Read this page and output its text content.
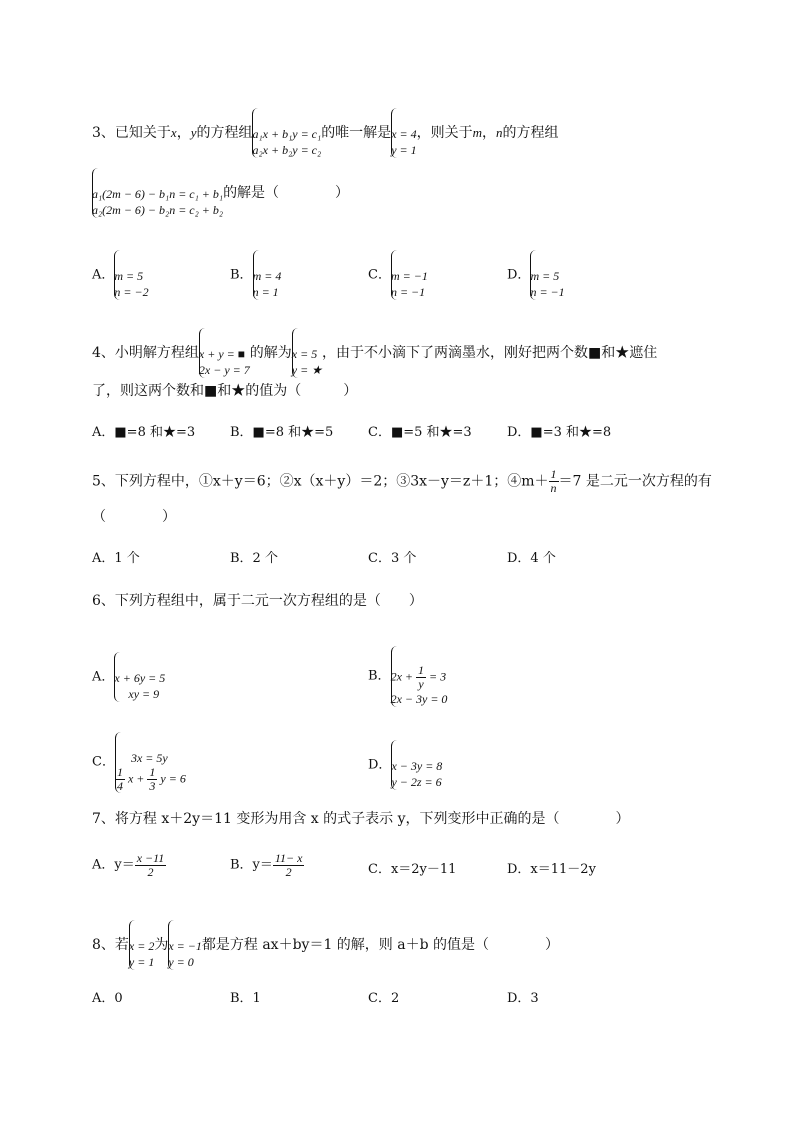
3、已知关于x，y的方程组 a₁x + b₁y = c₁
a₂x + b₂y = c₂
的唯一解是 x = 4
y = 1
，则关于m，n的方程组
a₁(2m − 6) − b₁n = c₁ + b₁
a₂(2m − 6) − b₂n = c₂ + b₂
的解是（　　　　）
A． m = 5
n = −2
B． m = 4
n = 1
C． m = −1
n = −1
D． m = 5
n = −1
4、小明解方程组 x + y = ■
2x − y = 7
的解为 x = 5
y = ★
，由于不小滴下了两滴墨水，刚好把两个数■和★遮住
了，则这两个数和■和★的值为（　　　）
A．■=8 和★=3	B．■=8 和★=5	C．■=5 和★=3	D．■=3 和★=8
5、下列方程中，①x＋y＝6；②x（x＋y）＝2；③3x－y＝z＋1；④m＋ $\frac{1}{n} =7$ 是二元一次方程的有
（　　　　）
A．1 个	B．2 个	C．3 个	D．4 个
6、下列方程组中，属于二元一次方程组的是（　　）
A． x + 6y = 5
xy = 9
B． $2x + \frac{1}{y} = 3$
2x − 3y = 0
C．	3x = 5y
$\frac{1}{4}$ $x + \frac{1}{3}$ y = 6
D． x − 3y = 8
y − 2z = 6
7、将方程 x＋2y＝11 变形为用含 x 的式子表示 y，下列变形中正确的是（　　　　）
A．$y= \frac{x -11}{2}$	B．$y= \frac{11- x}{2}$	C．x＝2y－11	D．x＝11－2y
8、若 x = 2
y = 1
为 x = −1
y = 0
都是方程 ax＋by＝1 的解，则 a＋b 的值是（　　　　）
A．0	B．1	C．2	D．3
